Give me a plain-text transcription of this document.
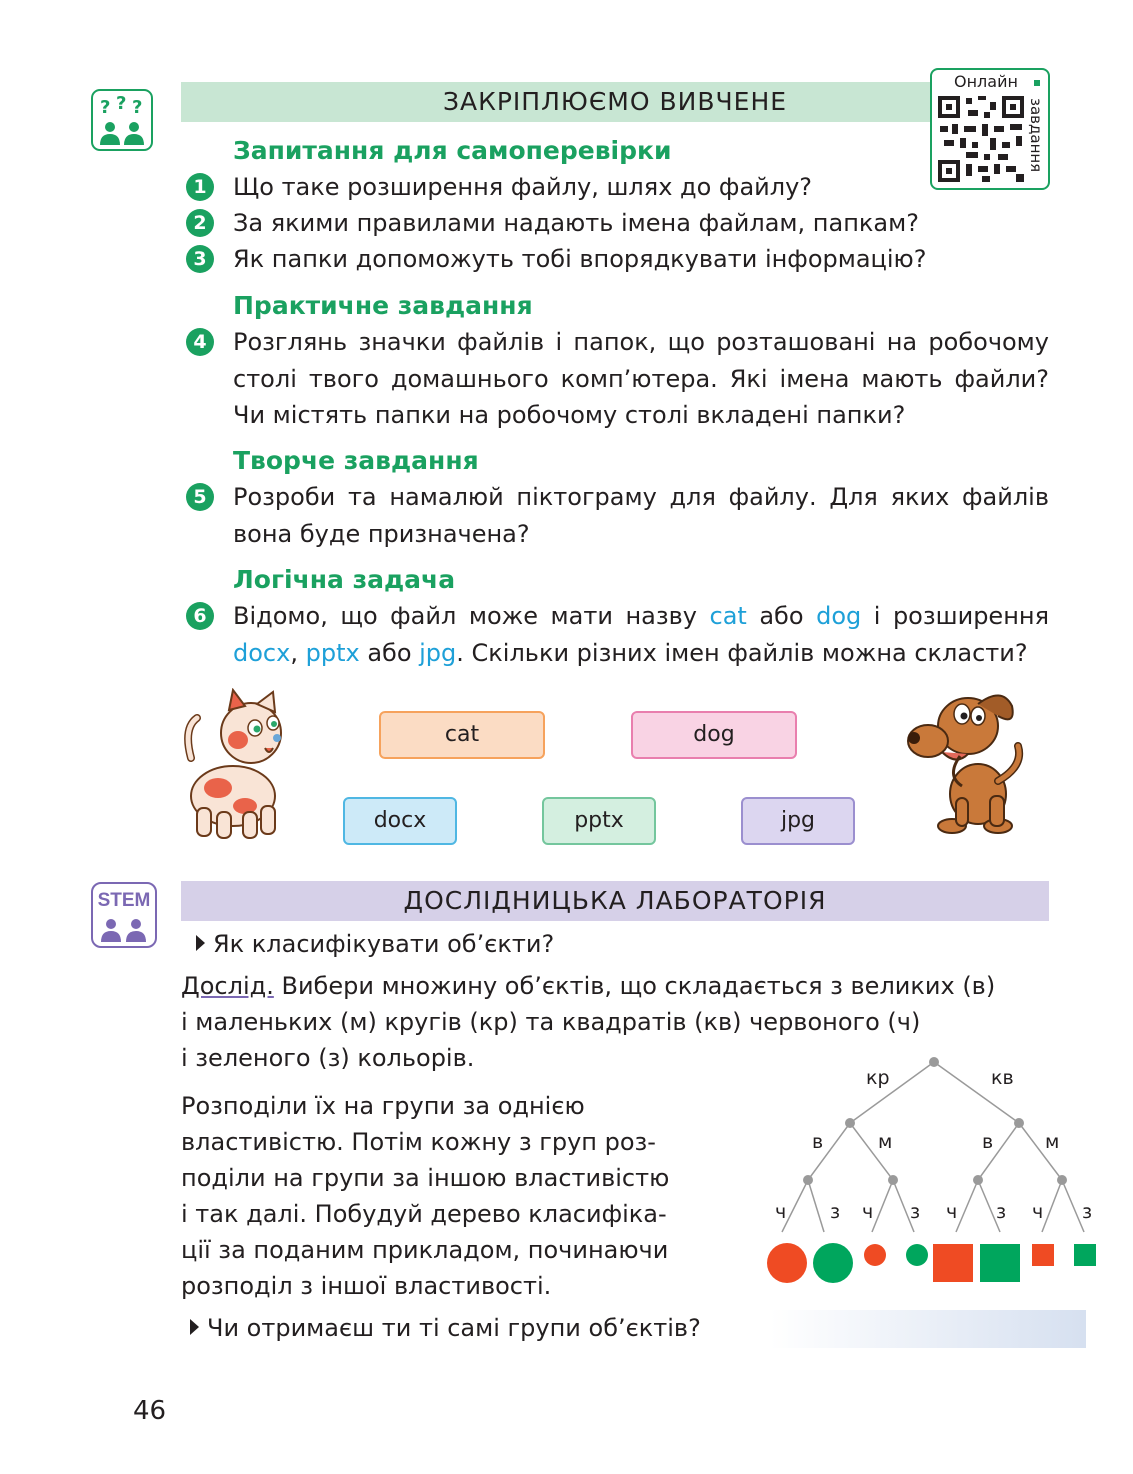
? ? ?	ЗАКРІПЛЮЄМО ВИВЧЕНЕ
Онлайн
завдання
Запитання для самоперевірки
1	Що таке розширення файлу, шлях до файлу?
2	За якими правилами надають імена файлам, папкам?
3	Як папки допоможуть тобі впорядкувати інформацію?
Практичне завдання
4	Розглянь значки файлів і папок, що розташовані на робочому столі твого домашнього комп’ютера. Які імена мають файли? Чи містять папки на робочому столі вкладені папки?
Творче завдання
5	Розроби та намалюй піктограму для файлу. Для яких файлів вона буде призначена?
Логічна задача
6	Відомо, що файл може мати назву cat або dog і розширення docx, pptx або jpg. Скільки різних імен файлів можна скласти?
cat	dog
docx	pptx	jpg
STEM	ДОСЛІДНИЦЬКА ЛАБОРАТОРІЯ
Як класифікувати об’єкти?
Дослід. Вибери множину об’єктів, що складається з великих (в)
і маленьких (м) кругів (кр) та квадратів (кв) червоного (ч)
і зеленого (з) кольорів.
Розподіли їх на групи за однією
властивістю. Потім кожну з груп роз-
поділи на групи за іншою властивістю
і так далі. Побудуй дерево класифіка-
ції за поданим прикладом, починаючи
розподіл з іншої властивості.
кр	кв
в	м	в	м
ч з ч з ч з ч з
Чи отримаєш ти ті самі групи об’єктів?
46
